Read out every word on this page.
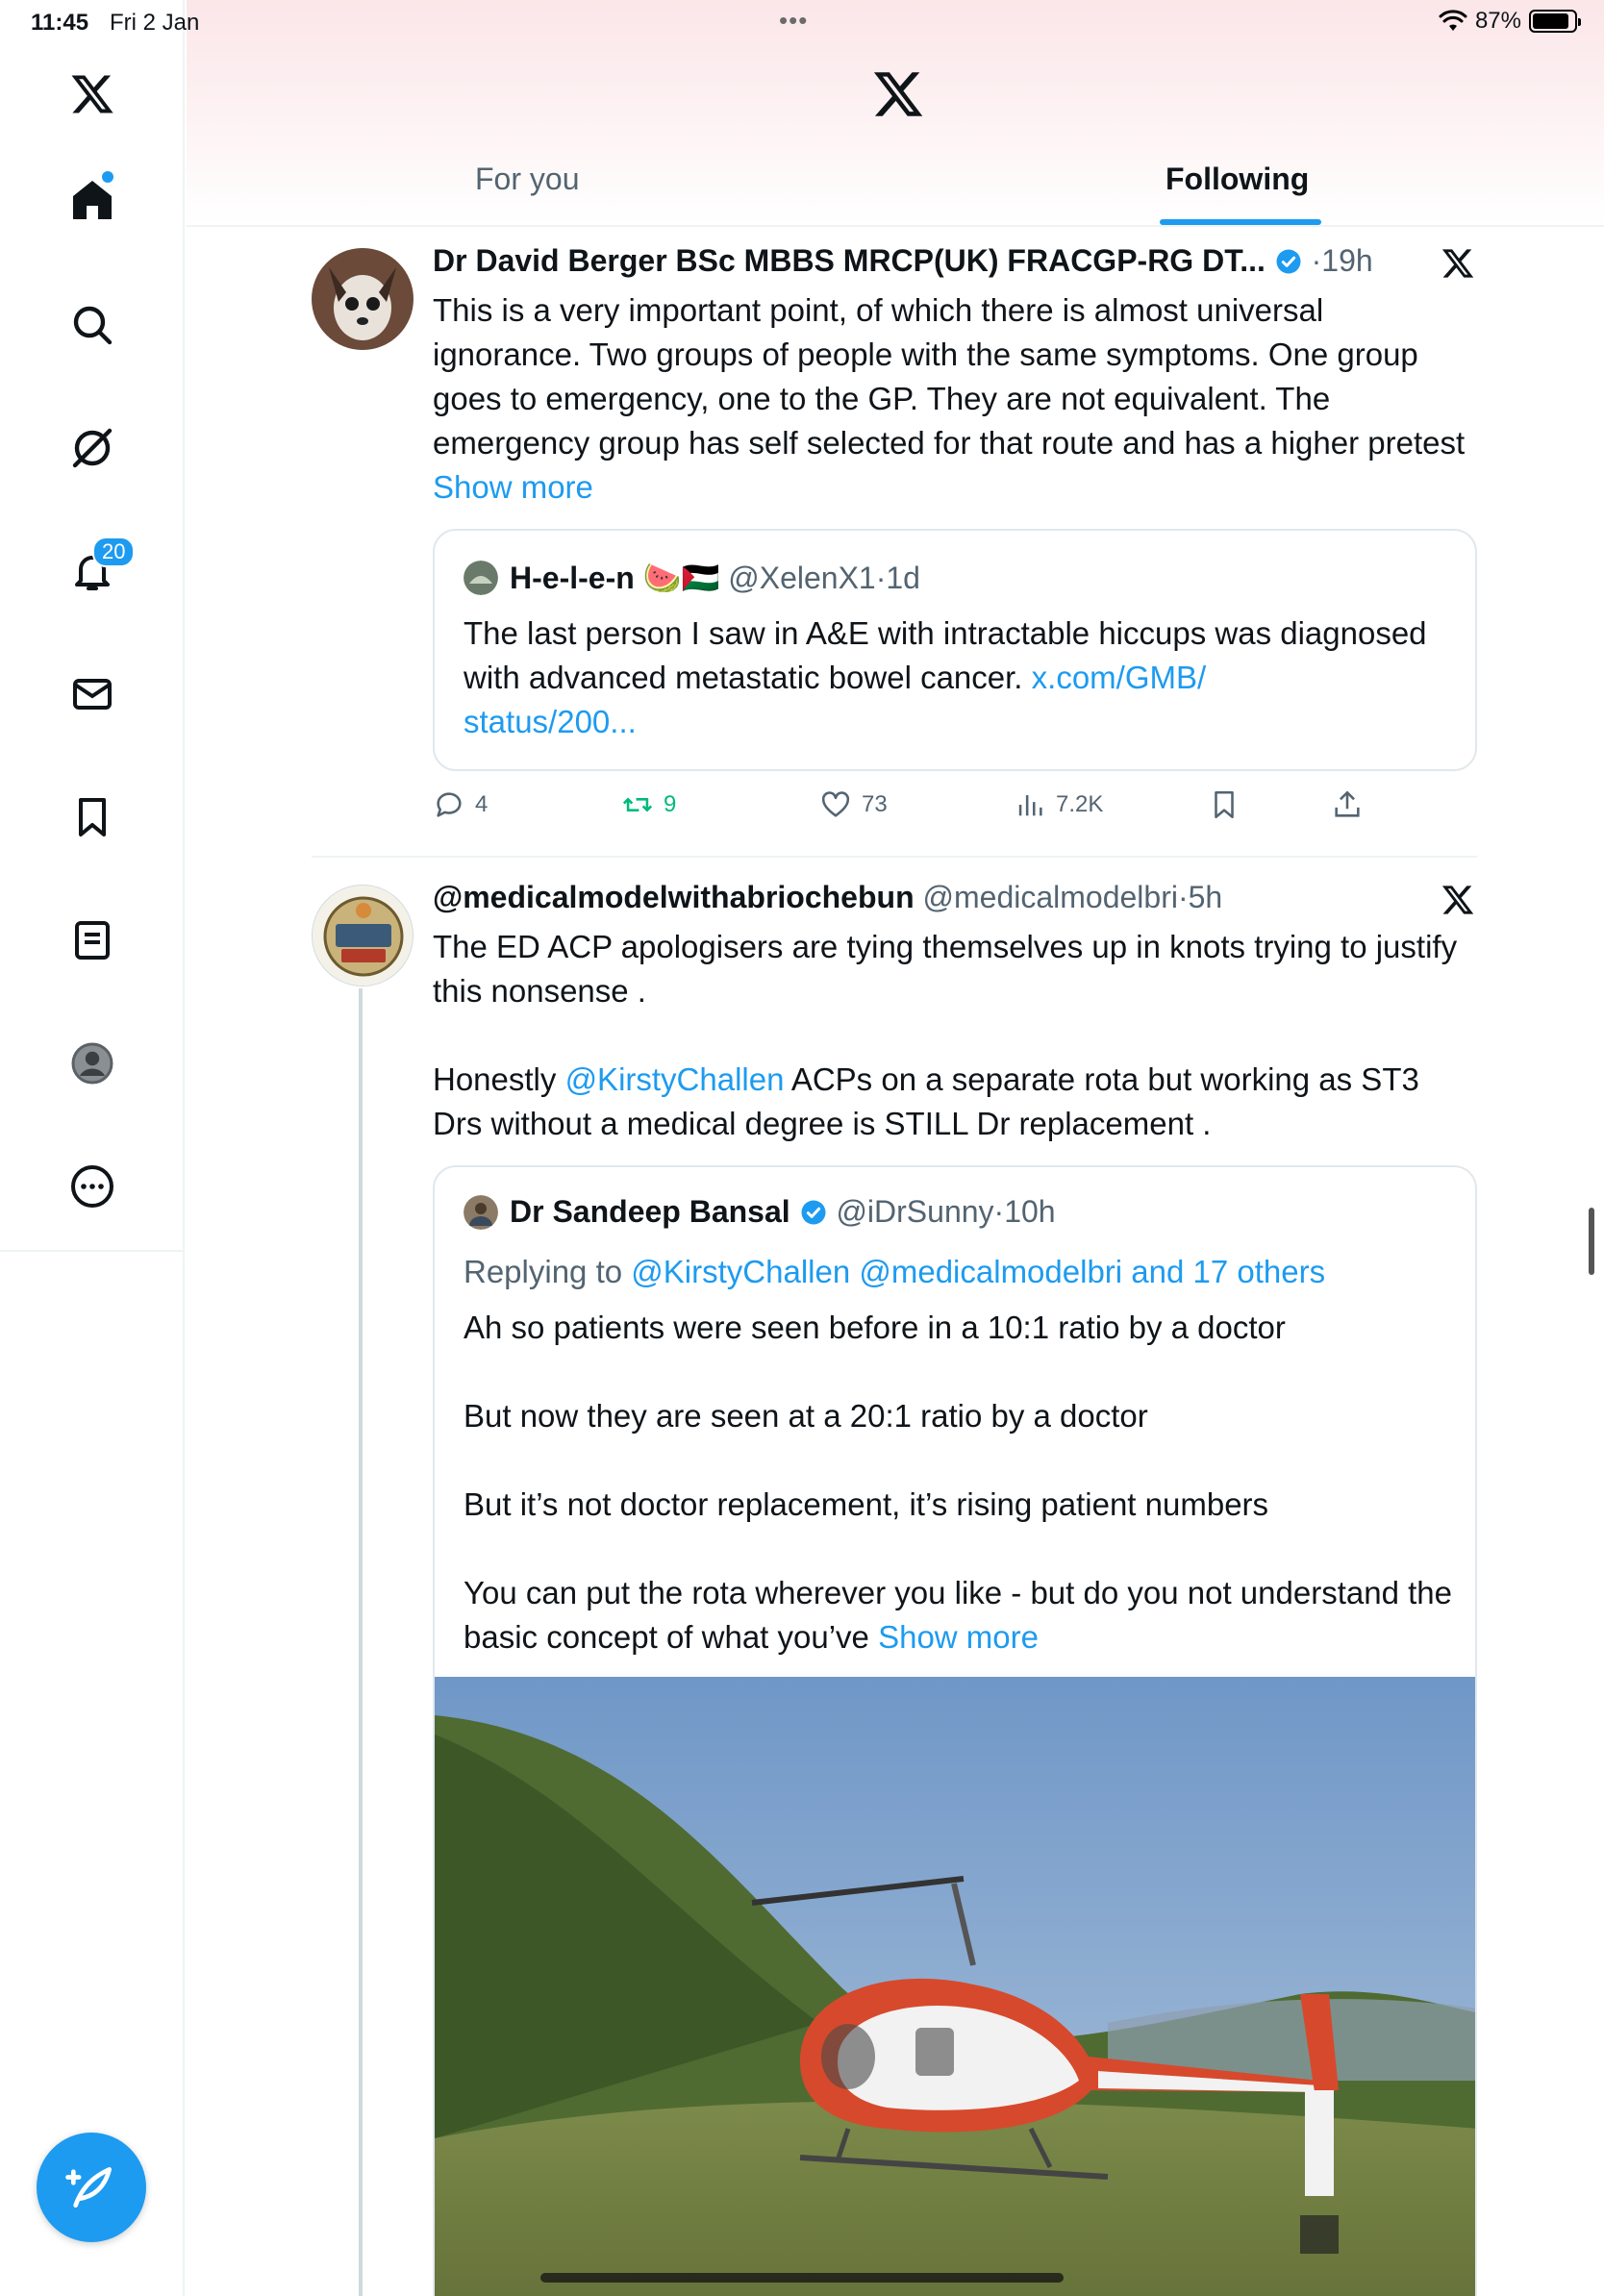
11:45 Fri 2 Jan	•••	87%
20
For you	Following
Dr David Berger BSc MBBS MRCP(UK) FRACGP-RG DT... ·19h
This is a very important point, of which there is almost universal ignorance. Two groups of people with the same symptoms. One group goes to emergency, one to the GP. They are not equivalent. The emergency group has self selected for that route and has a higher pretest Show more
H-e-l-e-n
🍉🇵🇸
@XelenX1 · 1d
The last person I saw in A&E with intractable hiccups was diagnosed with advanced metastatic bowel cancer. x.com/GMB/
status/200...
4	9	73	7.2K
@medicalmodelwithabriochebun @medicalmodelbri·5h
The ED ACP apologisers are tying themselves up in knots trying to justify this nonsense .
Honestly @KirstyChallen ACPs on a separate rota but working as ST3 Drs without a medical degree is STILL Dr replacement .
Dr Sandeep Bansal

@iDrSunny · 10h
Replying to @KirstyChallen @medicalmodelbri and 17 others
Ah so patients were seen before in a 10:1 ratio by a doctor
But now they are seen at a 20:1 ratio by a doctor
But it’s not doctor replacement, it’s rising patient numbers
You can put the rota wherever you like - but do you not understand the basic concept of what you’ve Show more
